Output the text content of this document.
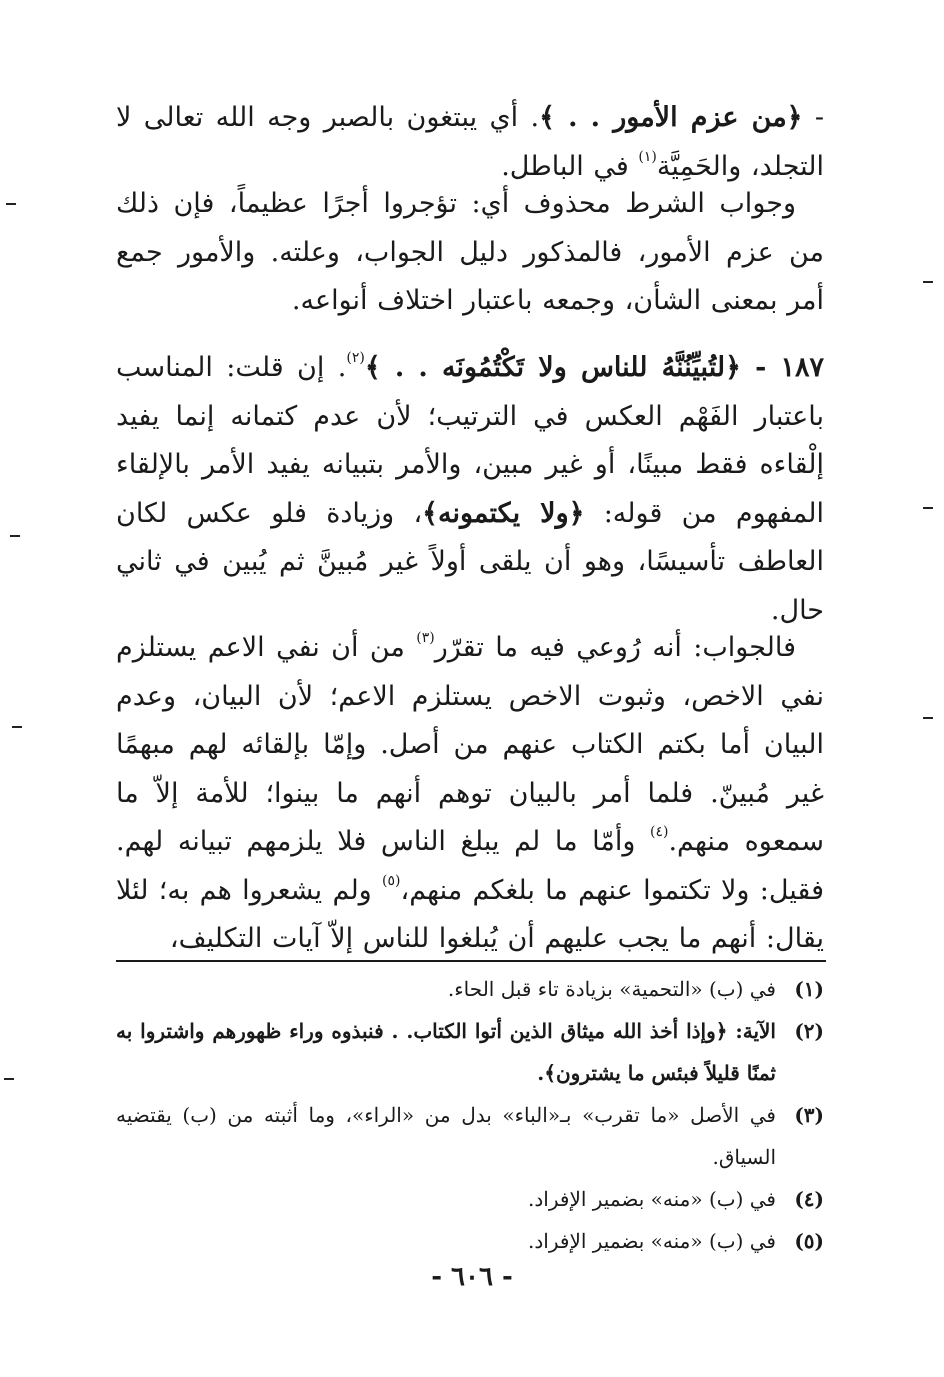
- ﴿من عزم الأمور . . ﴾. أي يبتغون بالصبر وجه الله تعالى لا التجلد، والحَمِيَّة$^{(١)}$ في الباطل.

وجواب الشرط محذوف أي: تؤجروا أجرًا عظيماً، فإن ذلك من عزم الأمور، فالمذكور دليل الجواب، وعلته. والأمور جمع أمر بمعنى الشأن، وجمعه باعتبار اختلاف أنواعه.

١٨٧ - ﴿لتُبيِّنُنَّهُ للناس ولا تَكْتُمُونَه . . ﴾$^{(٢)}$. إن قلت: المناسب باعتبار الفَهْم العكس في الترتيب؛ لأن عدم كتمانه إنما يفيد إلْقاءه فقط مبينًا، أو غير مبين، والأمر بتبيانه يفيد الأمر بالإلقاء المفهوم من قوله: ﴿ولا يكتمونه﴾، وزيادة فلو عكس لكان العاطف تأسيسًا، وهو أن يلقى أولاً غير مُبينَّ ثم يُبين في ثاني حال.

فالجواب: أنه رُوعي فيه ما تقرّر$^{(٣)}$ من أن نفي الاعم يستلزم نفي الاخص، وثبوت الاخص يستلزم الاعم؛ لأن البيان، وعدم البيان أما بكتم الكتاب عنهم من أصل. وإمّا بإلقائه لهم مبهمًا غير مُبينّ. فلما أمر بالبيان توهم أنهم ما بينوا؛ للأمة إلاّ ما سمعوه منهم.$^{(٤)}$ وأمّا ما لم يبلغ الناس فلا يلزمهم تبيانه لهم. فقيل: ولا تكتموا عنهم ما بلغكم منهم،$^{(٥)}$ ولم يشعروا هم به؛ لئلا يقال: أنهم ما يجب عليهم أن يُبلغوا للناس إلاّ آيات التكليف،

(١)
في (ب) «التحمية» بزيادة تاء قبل الحاء.
(٢)
الآية: ﴿وإذا أخذ الله ميثاق الذين أتوا الكتاب. . فنبذوه وراء ظهورهم واشتروا به ثمنًا قليلاً فبئس ما يشترون﴾.
(٣)
في الأصل «ما تقرب» بـ«الباء» بدل من «الراء»، وما أثبته من (ب) يقتضيه السياق.
(٤)
في (ب) «منه» بضمير الإفراد.
(٥)
في (ب) «منه» بضمير الإفراد.
- ٦٠٦ -
